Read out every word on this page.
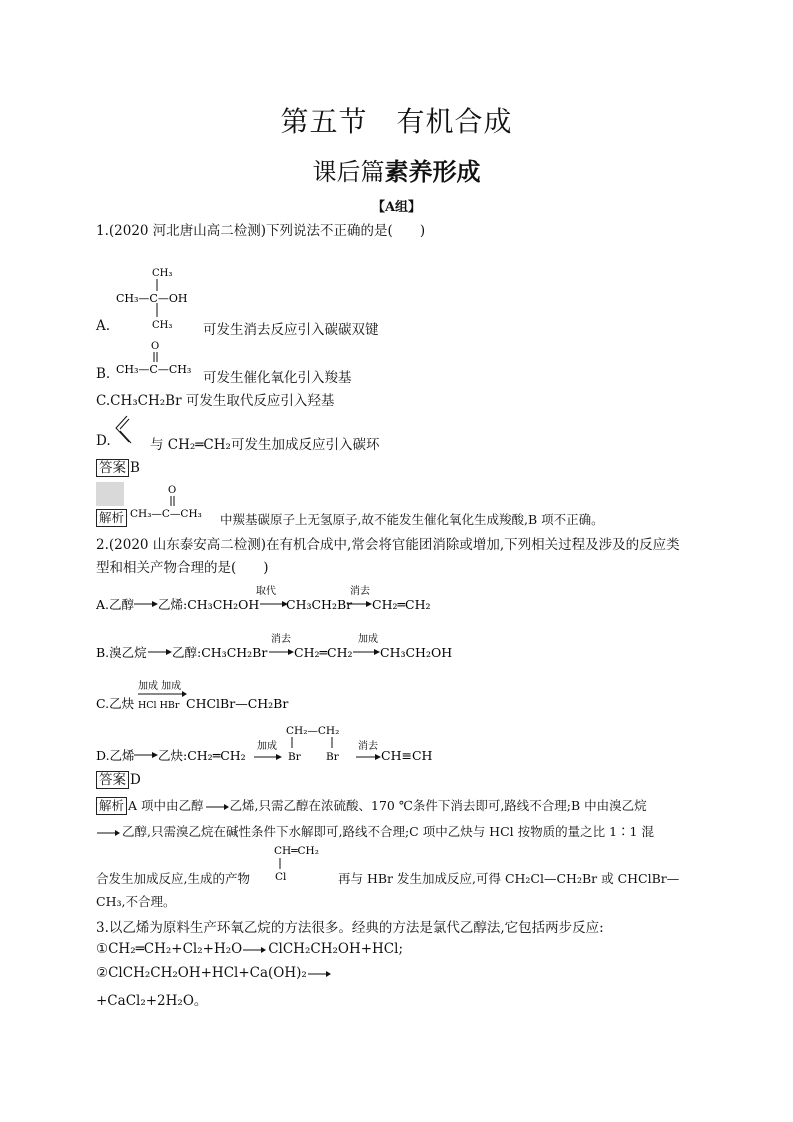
第五节　有机合成
课后篇素养形成
【A组】
1.(2020 河北唐山高二检测)下列说法不正确的是(　　)
CH₃
CH₃—C—OH
CH₃
A.	可发生消去反应引入碳碳双键
O
CH₃—C—CH₃
B.	可发生催化氧化引入羧基
C.CH₃CH₂Br 可发生取代反应引入羟基
D.	与 CH₂═CH₂可发生加成反应引入碳环
答案 B
O
CH₃—C—CH₃
解析	中羰基碳原子上无氢原子,故不能发生催化氧化生成羧酸,B 项不正确。
2.(2020 山东泰安高二检测)在有机合成中,常会将官能团消除或增加,下列相关过程及涉及的反应类
型和相关产物合理的是(　　)
A.乙醇 乙烯:CH₃CH₂OH
取代
CH₃CH₂Br
消去
CH₂═CH₂
B.溴乙烷 乙醇:CH₃CH₂Br
消去
CH₂═CH₂
加成
CH₃CH₂OH
C.乙炔
加成 加成
HCl HBr CHClBr—CH₂Br
D.乙烯 乙炔:CH₂═CH₂
加成
CH₂—CH₂
Br Br
消去
CH≡CH
答案 D
解析 A 项中由乙醇 乙烯,只需乙醇在浓硫酸、170 ℃条件下消去即可,路线不合理;B 中由溴乙烷
乙醇,只需溴乙烷在碱性条件下水解即可,路线不合理;C 项中乙炔与 HCl 按物质的量之比 1∶1 混
CH═CH₂
Cl
合发生加成反应,生成的产物	再与 HBr 发生加成反应,可得 CH₂Cl—CH₂Br 或 CHClBr—
CH₃,不合理。
3.以乙烯为原料生产环氧乙烷的方法很多。经典的方法是氯代乙醇法,它包括两步反应:
①CH₂═CH₂+Cl₂+H₂O ClCH₂CH₂OH+HCl;
②ClCH₂CH₂OH+HCl+Ca(OH)₂
+CaCl₂+2H₂O。
